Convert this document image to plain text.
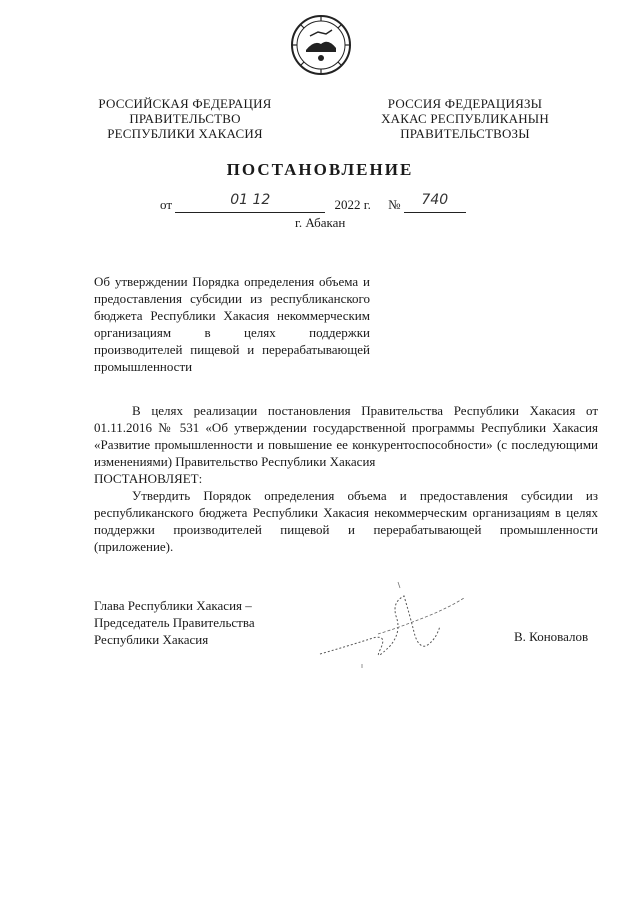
РОССИЙСКАЯ ФЕДЕРАЦИЯ
ПРАВИТЕЛЬСТВО
РЕСПУБЛИКИ ХАКАСИЯ
РОССИЯ ФЕДЕРАЦИЯЗЫ
ХАКАС РЕСПУБЛИКАНЫН
ПРАВИТЕЛЬСТВОЗЫ
ПОСТАНОВЛЕНИЕ
от	01 12	2022 г. № 740
г. Абакан
Об утверждении Порядка определения объема и предоставления субсидии из республиканского бюджета Республики Хакасия некоммерческим организациям в целях поддержки производителей пищевой и перерабатывающей промышленности
В целях реализации постановления Правительства Республики Хакасия от 01.11.2016 № 531 «Об утверждении государственной программы Республики Хакасия «Развитие промышленности и повышение ее конкурентоспособности» (с последующими изменениями) Правительство Республики Хакасия
ПОСТАНОВЛЯЕТ:
Утвердить Порядок определения объема и предоставления субсидии из республиканского бюджета Республики Хакасия некоммерческим организациям в целях поддержки производителей пищевой и перерабатывающей промышленности (приложение).
Глава Республики Хакасия –
Председатель Правительства
Республики Хакасия	В. Коновалов
